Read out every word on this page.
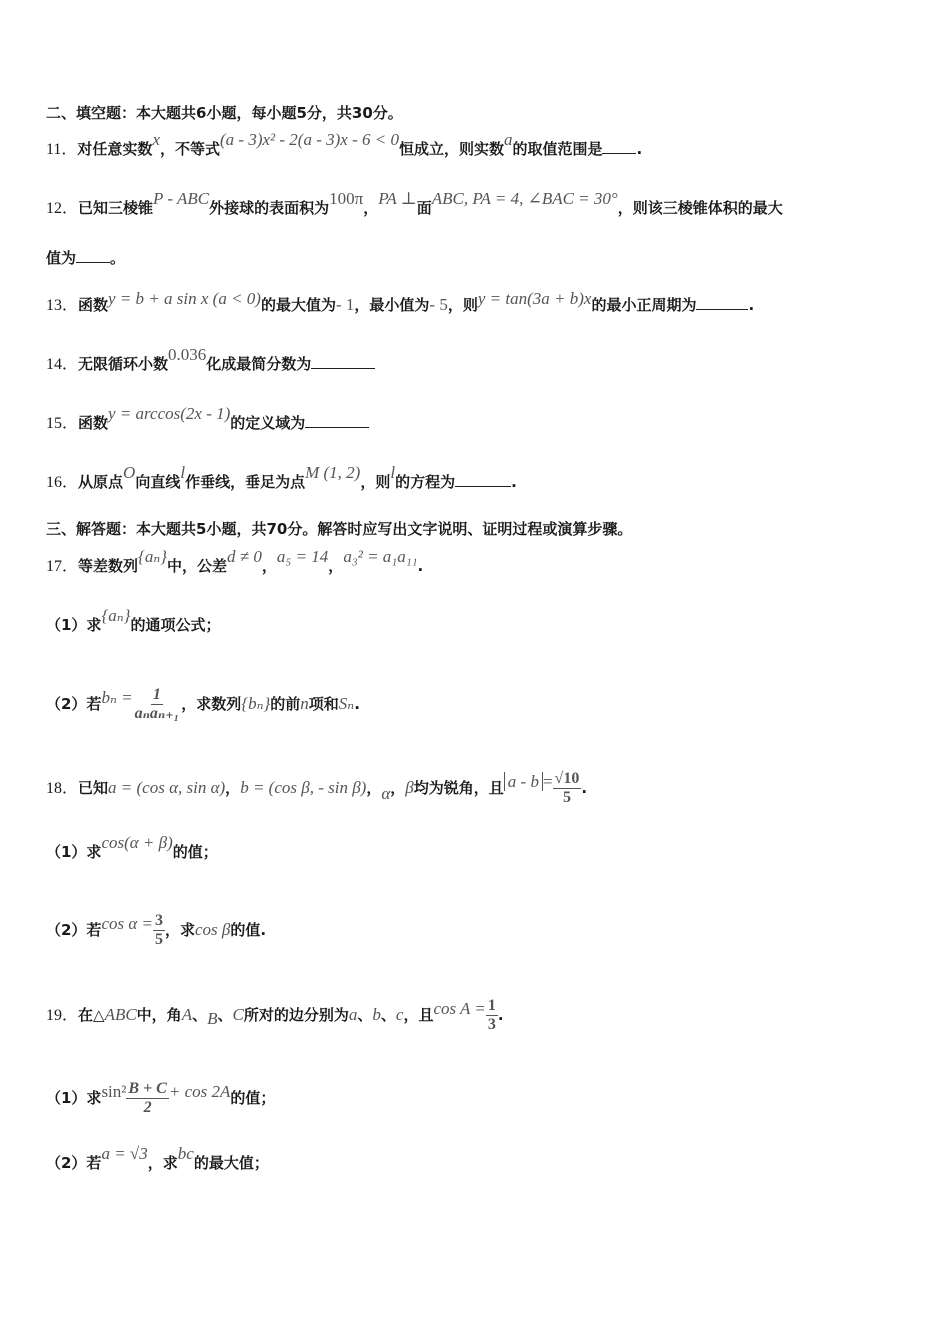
二、填空题：本大题共6小题，每小题5分，共30分。
11．对任意实数x，不等式(a - 3)x² - 2(a - 3)x - 6 < 0恒成立，则实数a的取值范围是 .
12．已知三棱锥P - ABC外接球的表面积为100π，PA ⊥面ABC, PA = 4, ∠BAC = 30°，则该三棱锥体积的最大
值为 。
13．函数y = b + a sin x (a < 0)的最大值为- 1，最小值为- 5，则y = tan(3a + b)x的最小正周期为	.
14．无限循环小数0.036化成最简分数为
15．函数y = arccos(2x - 1)的定义域为
16．从原点O向直线l作垂线，垂足为点M (1, 2)，则l的方程为	.
三、解答题：本大题共5小题，共70分。解答时应写出文字说明、证明过程或演算步骤。
17．等差数列{aₙ}中，公差d ≠ 0，a₅ = 14，a₃² = a₁a₁₁.
（1）求{aₙ}的通项公式；
（2）若$b_n = \frac{1}{\text{aₙaₙ₊₁}}$ ，求数列{bₙ}的前n项和Sₙ.
18．已知a = (cos α, sin α)，b = (cos β, - sin β)，α，β均为锐角，且 $a - b = \frac{√10}{5}$ .
（1）求cos(α + β)的值；
（2）若$\cos \alpha = \frac{3}{5}$ ，求cos β的值.
19．在△ABC中，角A、B、C所对的边分别为a、b、c，且$\cos A = \frac{1}{3}$ .
（1）求$\sin^2 \frac{B + C}{2} + \cos 2A$的值；
（2）若a = √3，求bc的最大值；
